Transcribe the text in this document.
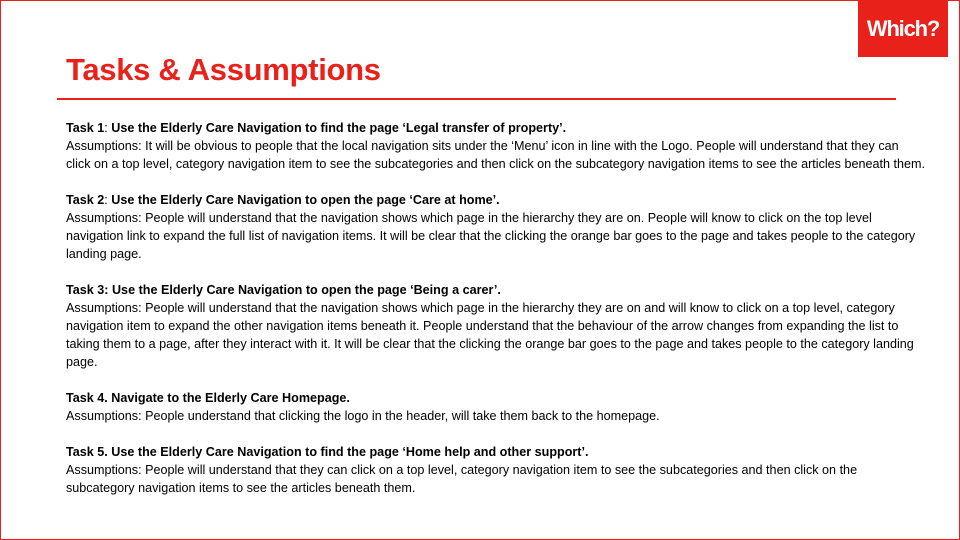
Which?
Tasks & Assumptions
Task 1: Use the Elderly Care Navigation to find the page ‘Legal transfer of property’.
Assumptions: It will be obvious to people that the local navigation sits under the ‘Menu’ icon in line with the Logo. People will understand that they can click on a top level, category navigation item to see the subcategories and then click on the subcategory navigation items to see the articles beneath them.
Task 2: Use the Elderly Care Navigation to open the page ‘Care at home’.
Assumptions: People will understand that the navigation shows which page in the hierarchy they are on. People will know to click on the top level navigation link to expand the full list of navigation items. It will be clear that the clicking the orange bar goes to the page and takes people to the category landing page.
Task 3: Use the Elderly Care Navigation to open the page ‘Being a carer’.
Assumptions: People will understand that the navigation shows which page in the hierarchy they are on and will know to click on a top level, category navigation item to expand the other navigation items beneath it. People understand that the behaviour of the arrow changes from expanding the list to taking them to a page, after they interact with it. It will be clear that the clicking the orange bar goes to the page and takes people to the category landing page.
Task 4. Navigate to the Elderly Care Homepage.
Assumptions: People understand that clicking the logo in the header, will take them back to the homepage.
Task 5. Use the Elderly Care Navigation to find the page ‘Home help and other support’.
Assumptions: People will understand that they can click on a top level, category navigation item to see the subcategories and then click on the subcategory navigation items to see the articles beneath them.
